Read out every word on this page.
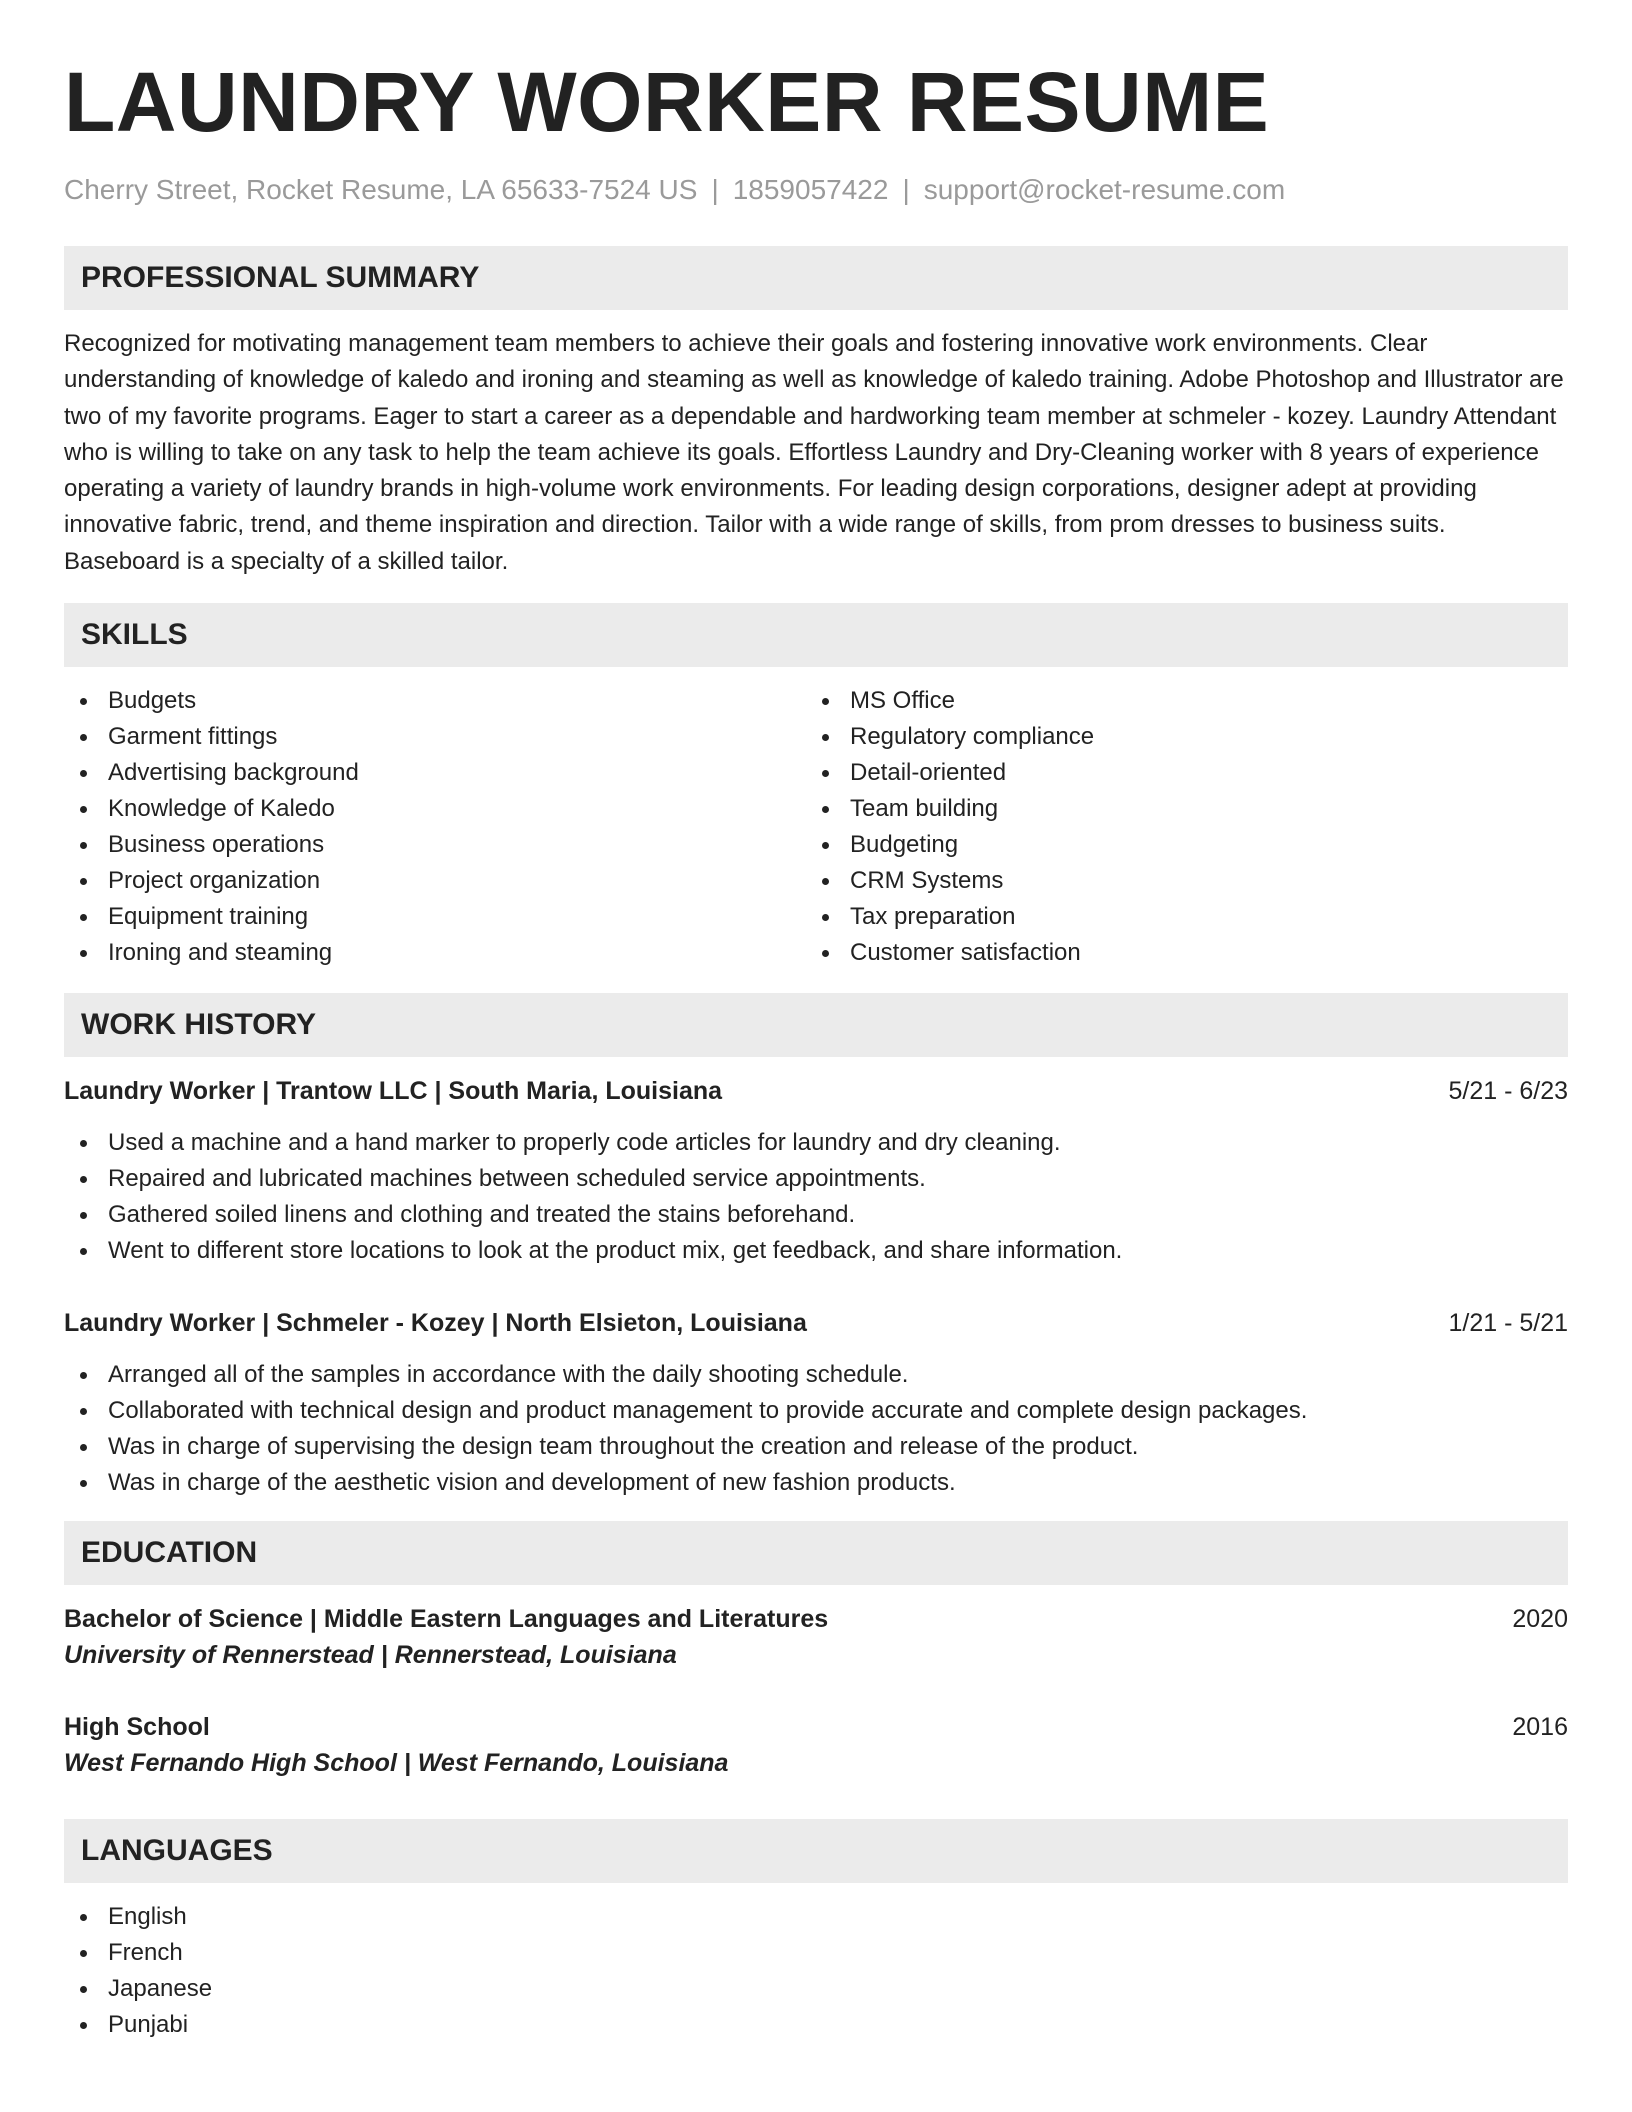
LAUNDRY WORKER RESUME
Cherry Street, Rocket Resume, LA 65633-7524 US | 1859057422 | support@rocket-resume.com
PROFESSIONAL SUMMARY

Recognized for motivating management team members to achieve their goals and fostering innovative work environments. Clear understanding of knowledge of kaledo and ironing and steaming as well as knowledge of kaledo training. Adobe Photoshop and Illustrator are two of my favorite programs. Eager to start a career as a dependable and hardworking team member at schmeler - kozey. Laundry Attendant who is willing to take on any task to help the team achieve its goals. Effortless Laundry and Dry-Cleaning worker with 8 years of experience operating a variety of laundry brands in high-volume work environments. For leading design corporations, designer adept at providing innovative fabric, trend, and theme inspiration and direction. Tailor with a wide range of skills, from prom dresses to business suits. Baseboard is a specialty of a skilled tailor.

SKILLS
Budgets
Garment fittings
Advertising background
Knowledge of Kaledo
Business operations
Project organization
Equipment training
Ironing and steaming
MS Office
Regulatory compliance
Detail-oriented
Team building
Budgeting
CRM Systems
Tax preparation
Customer satisfaction
WORK HISTORY
Laundry Worker | Trantow LLC | South Maria, Louisiana	5/21 - 6/23
Used a machine and a hand marker to properly code articles for laundry and dry cleaning.
Repaired and lubricated machines between scheduled service appointments.
Gathered soiled linens and clothing and treated the stains beforehand.
Went to different store locations to look at the product mix, get feedback, and share information.
Laundry Worker | Schmeler - Kozey | North Elsieton, Louisiana	1/21 - 5/21
Arranged all of the samples in accordance with the daily shooting schedule.
Collaborated with technical design and product management to provide accurate and complete design packages.
Was in charge of supervising the design team throughout the creation and release of the product.
Was in charge of the aesthetic vision and development of new fashion products.
EDUCATION
Bachelor of Science | Middle Eastern Languages and Literatures	2020
University of Rennerstead | Rennerstead, Louisiana
High School	2016
West Fernando High School | West Fernando, Louisiana
LANGUAGES
English
French
Japanese
Punjabi
